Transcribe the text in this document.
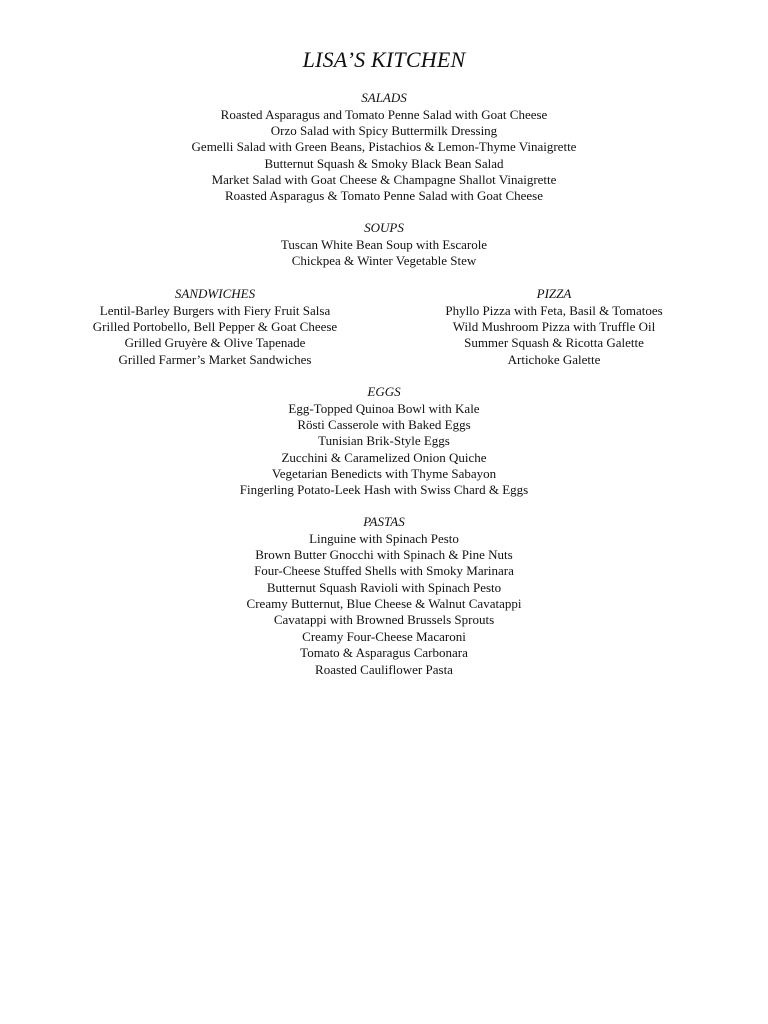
LISA’S KITCHEN
SALADS
Roasted Asparagus and Tomato Penne Salad with Goat Cheese
Orzo Salad with Spicy Buttermilk Dressing
Gemelli Salad with Green Beans, Pistachios & Lemon-Thyme Vinaigrette
Butternut Squash & Smoky Black Bean Salad
Market Salad with Goat Cheese & Champagne Shallot Vinaigrette
Roasted Asparagus & Tomato Penne Salad with Goat Cheese
SOUPS
Tuscan White Bean Soup with Escarole
Chickpea & Winter Vegetable Stew
SANDWICHES
Lentil-Barley Burgers with Fiery Fruit Salsa
Grilled Portobello, Bell Pepper & Goat Cheese
Grilled Gruyère & Olive Tapenade
Grilled Farmer’s Market Sandwiches
PIZZA
Phyllo Pizza with Feta, Basil & Tomatoes
Wild Mushroom Pizza with Truffle Oil
Summer Squash & Ricotta Galette
Artichoke Galette
EGGS
Egg-Topped Quinoa Bowl with Kale
Rösti Casserole with Baked Eggs
Tunisian Brik-Style Eggs
Zucchini & Caramelized Onion Quiche
Vegetarian Benedicts with Thyme Sabayon
Fingerling Potato-Leek Hash with Swiss Chard & Eggs
PASTAS
Linguine with Spinach Pesto
Brown Butter Gnocchi with Spinach & Pine Nuts
Four-Cheese Stuffed Shells with Smoky Marinara
Butternut Squash Ravioli with Spinach Pesto
Creamy Butternut, Blue Cheese & Walnut Cavatappi
Cavatappi with Browned Brussels Sprouts
Creamy Four-Cheese Macaroni
Tomato & Asparagus Carbonara
Roasted Cauliflower Pasta
